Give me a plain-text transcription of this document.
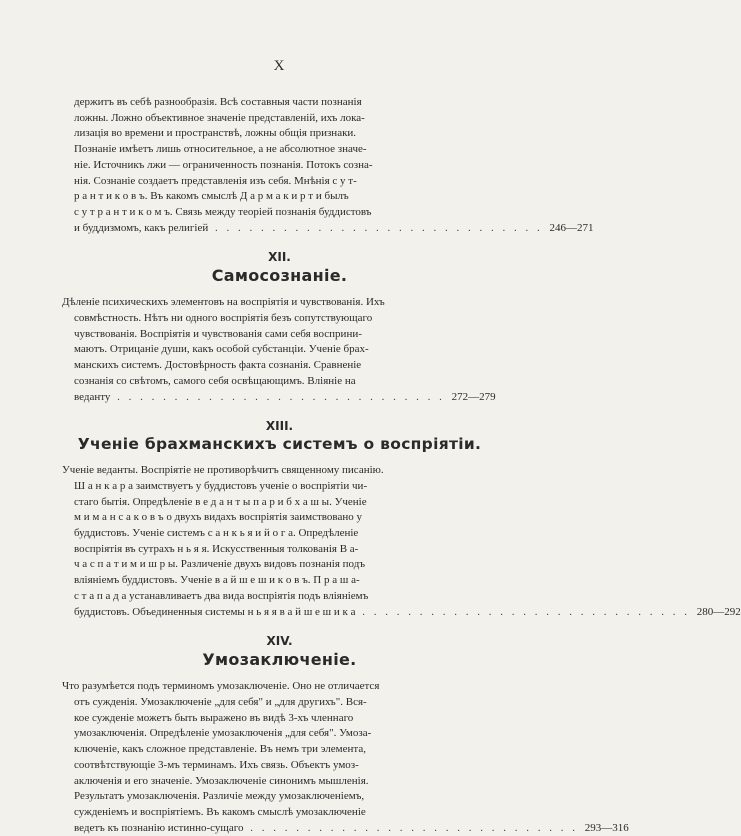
X
держитъ въ себѣ разнообразія. Всѣ составныя части познанія
ложны. Ложно объективное значеніе представленій, ихъ лока-
лизація во времени и пространствѣ, ложны общія признаки.
Познаніе имѣетъ лишь относительное, а не абсолютное значе-
ніе. Источникъ лжи — ограниченность познанія. Потокъ созна-
нія. Сознаніе создаетъ представленія изъ себя. Мнѣнія с у т-
р а н т и к о в ъ. Въ какомъ смыслѣ Д а р м а к и р т и былъ
с у т р а н т и к о м ъ. Связь между теоріей познанія буддистовъ
и буддизмомъ, какъ религіей . . . . . . . . . . . . . . . . . . . . . . . . . . . . . 246—271
XII.
Самосознаніе.
Дѣленіе психическихъ элементовъ на воспріятія и чувствованія. Ихъ
совмѣстность. Нѣтъ ни одного воспріятія безъ сопутствующаго
чувствованія. Воспріятія и чувствованія сами себя восприни-
маютъ. Отрицаніе души, какъ особой субстанціи. Ученіе брах-
манскихъ системъ. Достовѣрность факта сознанія. Сравненіе
сознанія со свѣтомъ, самого себя освѣщающимъ. Вліяніе на
веданту . . . . . . . . . . . . . . . . . . . . . . . . . . . . . 272—279
XIII.
Ученіе брахманскихъ системъ о воспріятіи.
Ученіе веданты. Воспріятіе не противорѣчитъ священному писанію.
Ш а н к а р а заимствуетъ у буддистовъ ученіе о воспріятіи чи-
стаго бытія. Опредѣленіе в е д а н т ы п а р и б х а ш ы. Ученіе
м и м а н с а к о в ъ о двухъ видахъ воспріятія заимствовано у
буддистовъ. Ученіе системъ с а н к ь я и й о г а. Опредѣленіе
воспріятія въ сутрахъ н ь я я. Искусственныя толкованія В а-
ч а с п а т и м и ш р ы. Различеніе двухъ видовъ познанія подъ
вліяніемъ буддистовъ. Ученіе в а й ш е ш и к о в ъ. П р а ш а-
с т а п а д а устанавливаетъ два вида воспріятія подъ вліяніемъ
буддистовъ. Объединенныя системы н ь я я в а й ш е ш и к а . . . . . . . . . . . . . . . . . . . . . . . . . . . . . 280—292
XIV.
Умозаключеніе.
Что разумѣется подъ терминомъ умозаключеніе. Оно не отличается
отъ сужденія. Умозаключеніе „для себя" и „для другихъ". Вся-
кое сужденіе можетъ быть выражено въ видѣ 3-хъ членнаго
умозаключенія. Опредѣленіе умозаключенія „для себя". Умоза-
ключеніе, какъ сложное представленіе. Въ немъ три элемента,
соотвѣтствующіе 3-мъ терминамъ. Ихъ связь. Объектъ умоз-
аключенія и его значеніе. Умозаключеніе синонимъ мышленія.
Результатъ умозаключенія. Различіе между умозаключеніемъ,
сужденіемъ и воспріятіемъ. Въ какомъ смыслѣ умозаключеніе
ведетъ къ познанію истинно-сущаго . . . . . . . . . . . . . . . . . . . . . . . . . . . . . 293—316
